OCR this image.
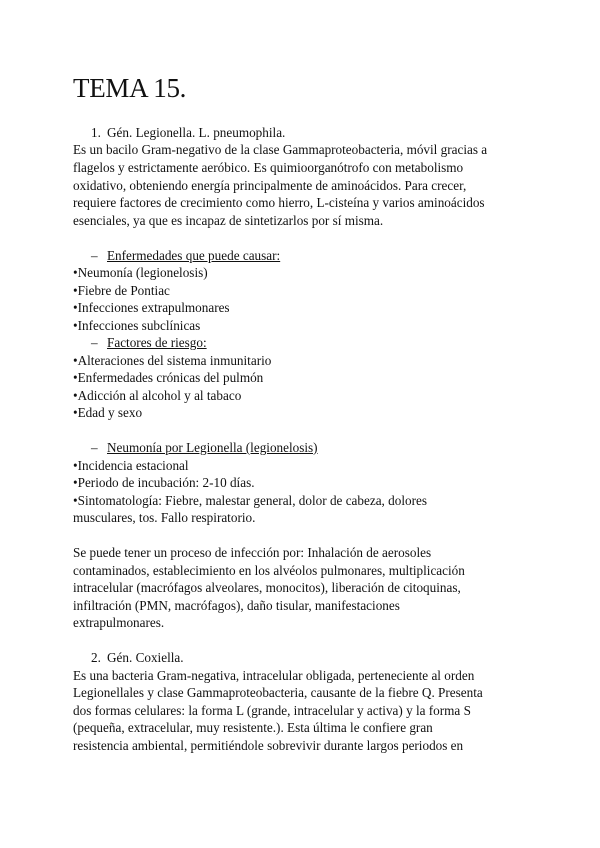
TEMA 15.
1. Gén. Legionella. L. pneumophila.
Es un bacilo Gram-negativo de la clase Gammaproteobacteria, móvil gracias a
flagelos y estrictamente aeróbico. Es quimioorganótrofo con metabolismo
oxidativo, obteniendo energía principalmente de aminoácidos. Para crecer,
requiere factores de crecimiento como hierro, L-cisteína y varios aminoácidos
esenciales, ya que es incapaz de sintetizarlos por sí misma.
– Enfermedades que puede causar:
•Neumonía (legionelosis)
•Fiebre de Pontiac
•Infecciones extrapulmonares
•Infecciones subclínicas
– Factores de riesgo:
•Alteraciones del sistema inmunitario
•Enfermedades crónicas del pulmón
•Adicción al alcohol y al tabaco
•Edad y sexo
– Neumonía por Legionella (legionelosis)
•Incidencia estacional
•Periodo de incubación: 2-10 días.
•Sintomatología: Fiebre, malestar general, dolor de cabeza, dolores
musculares, tos. Fallo respiratorio.
Se puede tener un proceso de infección por: Inhalación de aerosoles
contaminados, establecimiento en los alvéolos pulmonares, multiplicación
intracelular (macrófagos alveolares, monocitos), liberación de citoquinas,
infiltración (PMN, macrófagos), daño tisular, manifestaciones
extrapulmonares.
2. Gén. Coxiella.
Es una bacteria Gram-negativa, intracelular obligada, perteneciente al orden
Legionellales y clase Gammaproteobacteria, causante de la fiebre Q. Presenta
dos formas celulares: la forma L (grande, intracelular y activa) y la forma S
(pequeña, extracelular, muy resistente.). Esta última le confiere gran
resistencia ambiental, permitiéndole sobrevivir durante largos periodos en
